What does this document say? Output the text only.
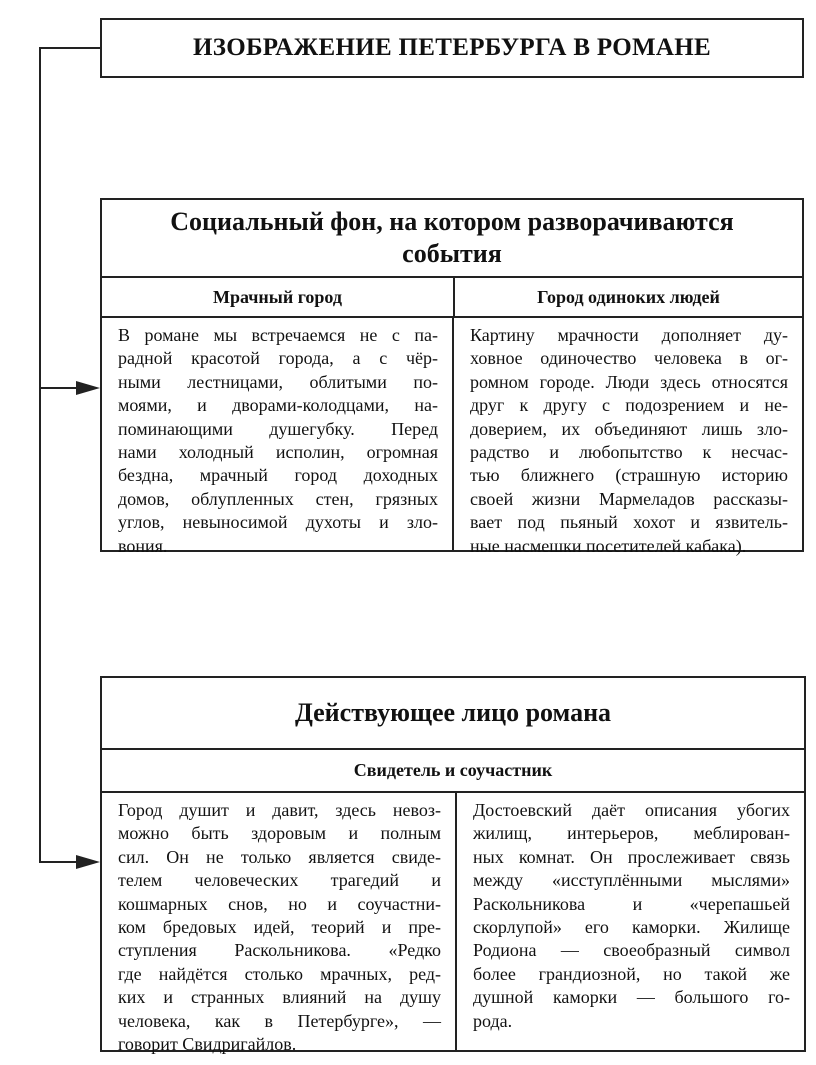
ИЗОБРАЖЕНИЕ ПЕТЕРБУРГА В РОМАНЕ
Социальный фон, на котором разворачиваются
события
Мрачный город	Город одиноких людей
В романе мы встречаемся не с па-
радной красотой города, а с чёр-
ными лестницами, облитыми по-
моями, и дворами-колодцами, на-
поминающими душегубку. Перед
нами холодный исполин, огромная
бездна, мрачный город доходных
домов, облупленных стен, грязных
углов, невыносимой духоты и зло-
вония.
Картину мрачности дополняет ду-
ховное одиночество человека в ог-
ромном городе. Люди здесь относятся
друг к другу с подозрением и не-
доверием, их объединяют лишь зло-
радство и любопытство к несчас-
тью ближнего (страшную историю
своей жизни Мармеладов рассказы-
вает под пьяный хохот и язвитель-
ные насмешки посетителей кабака).
Действующее лицо романа
Свидетель и соучастник
Город душит и давит, здесь невоз-
можно быть здоровым и полным
сил. Он не только является свиде-
телем человеческих трагедий и
кошмарных снов, но и соучастни-
ком бредовых идей, теорий и пре-
ступления Раскольникова. «Редко
где найдётся столько мрачных, ред-
ких и странных влияний на душу
человека, как в Петербурге», —
говорит Свидригайлов.
Достоевский даёт описания убогих
жилищ, интерьеров, меблирован-
ных комнат. Он прослеживает связь
между «исступлёнными мыслями»
Раскольникова и «черепашьей
скорлупой» его каморки. Жилище
Родиона — своеобразный символ
более грандиозной, но такой же
душной каморки — большого го-
рода.
